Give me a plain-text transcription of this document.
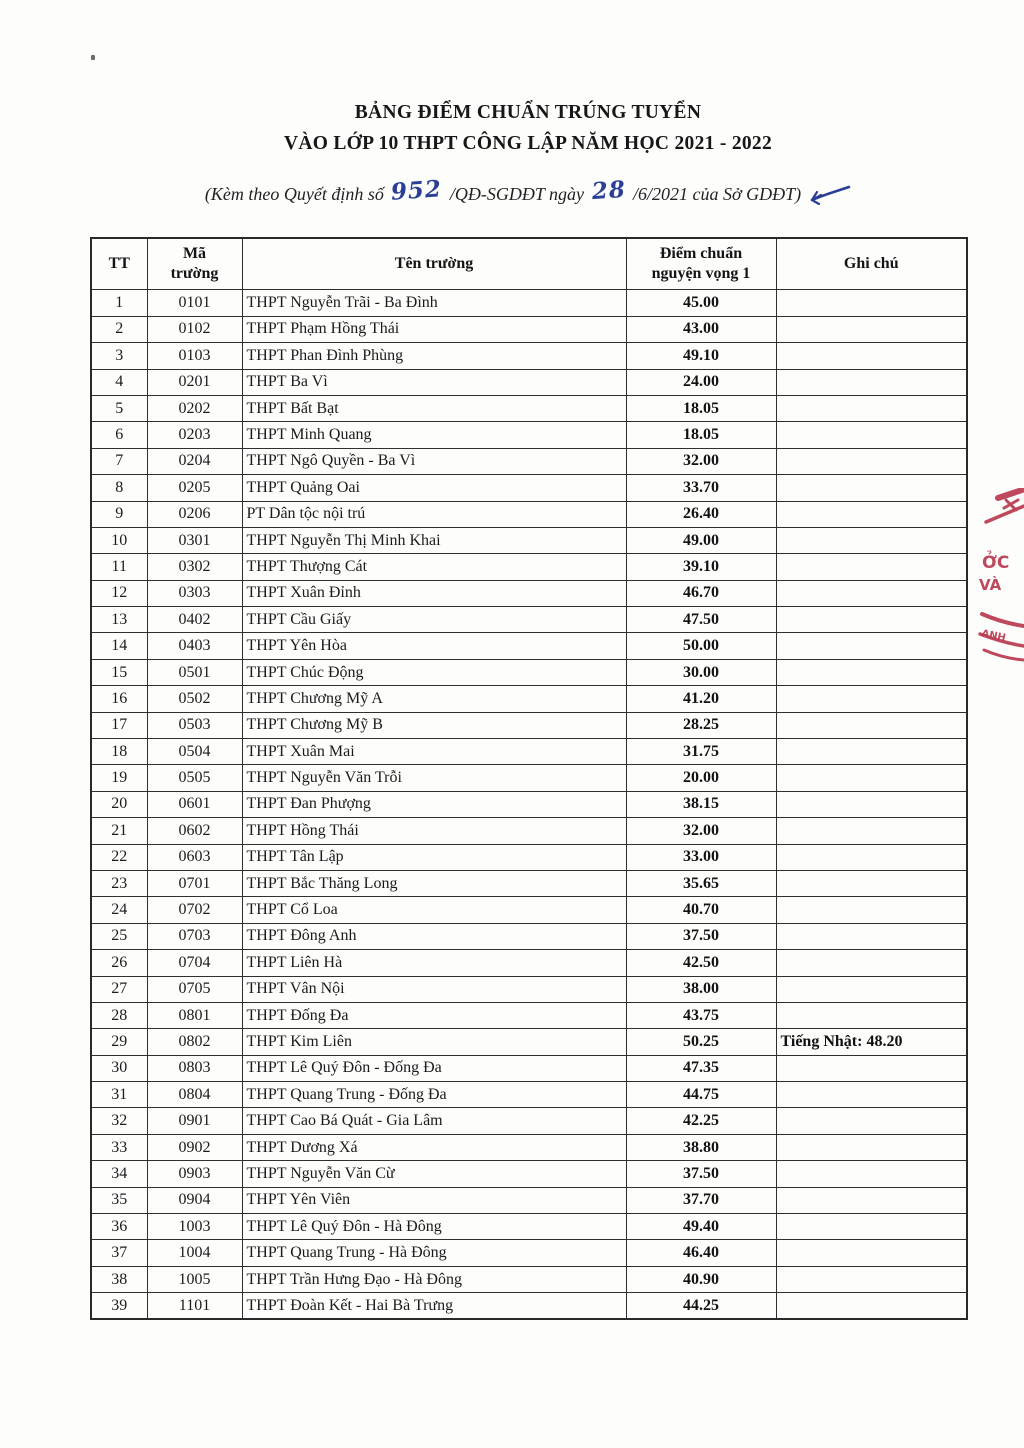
BẢNG ĐIỂM CHUẨN TRÚNG TUYỂN
VÀO LỚP 10 THPT CÔNG LẬP NĂM HỌC 2021 - 2022
(Kèm theo Quyết định số 952 /QĐ-SGDĐT ngày 28 /6/2021 của Sở GDĐT)
TT	Mã trường	Tên trường	Điểm chuẩn nguyện vọng 1	Ghi chú
1	0101	THPT Nguyễn Trãi - Ba Đình	45.00	
2	0102	THPT Phạm Hồng Thái	43.00	
3	0103	THPT Phan Đình Phùng	49.10	
4	0201	THPT Ba Vì	24.00	
5	0202	THPT Bất Bạt	18.05	
6	0203	THPT Minh Quang	18.05	
7	0204	THPT Ngô Quyền - Ba Vì	32.00	
8	0205	THPT Quảng Oai	33.70	
9	0206	PT Dân tộc nội trú	26.40	
10	0301	THPT Nguyễn Thị Minh Khai	49.00	
11	0302	THPT Thượng Cát	39.10	
12	0303	THPT Xuân Đỉnh	46.70	
13	0402	THPT Cầu Giấy	47.50	
14	0403	THPT Yên Hòa	50.00	
15	0501	THPT Chúc Động	30.00	
16	0502	THPT Chương Mỹ A	41.20	
17	0503	THPT Chương Mỹ B	28.25	
18	0504	THPT Xuân Mai	31.75	
19	0505	THPT Nguyễn Văn Trỗi	20.00	
20	0601	THPT Đan Phượng	38.15	
21	0602	THPT Hồng Thái	32.00	
22	0603	THPT Tân Lập	33.00	
23	0701	THPT Bắc Thăng Long	35.65	
24	0702	THPT Cổ Loa	40.70	
25	0703	THPT Đông Anh	37.50	
26	0704	THPT Liên Hà	42.50	
27	0705	THPT Vân Nội	38.00	
28	0801	THPT Đống Đa	43.75	
29	0802	THPT Kim Liên	50.25	Tiếng Nhật: 48.20
30	0803	THPT Lê Quý Đôn - Đống Đa	47.35	
31	0804	THPT Quang Trung - Đống Đa	44.75	
32	0901	THPT Cao Bá Quát - Gia Lâm	42.25	
33	0902	THPT Dương Xá	38.80	
34	0903	THPT Nguyễn Văn Cừ	37.50	
35	0904	THPT Yên Viên	37.70	
36	1003	THPT Lê Quý Đôn - Hà Đông	49.40	
37	1004	THPT Quang Trung - Hà Đông	46.40	
38	1005	THPT Trần Hưng Đạo - Hà Đông	40.90	
39	1101	THPT Đoàn Kết - Hai Bà Trưng	44.25	
ỞC
VÀ
ANH
